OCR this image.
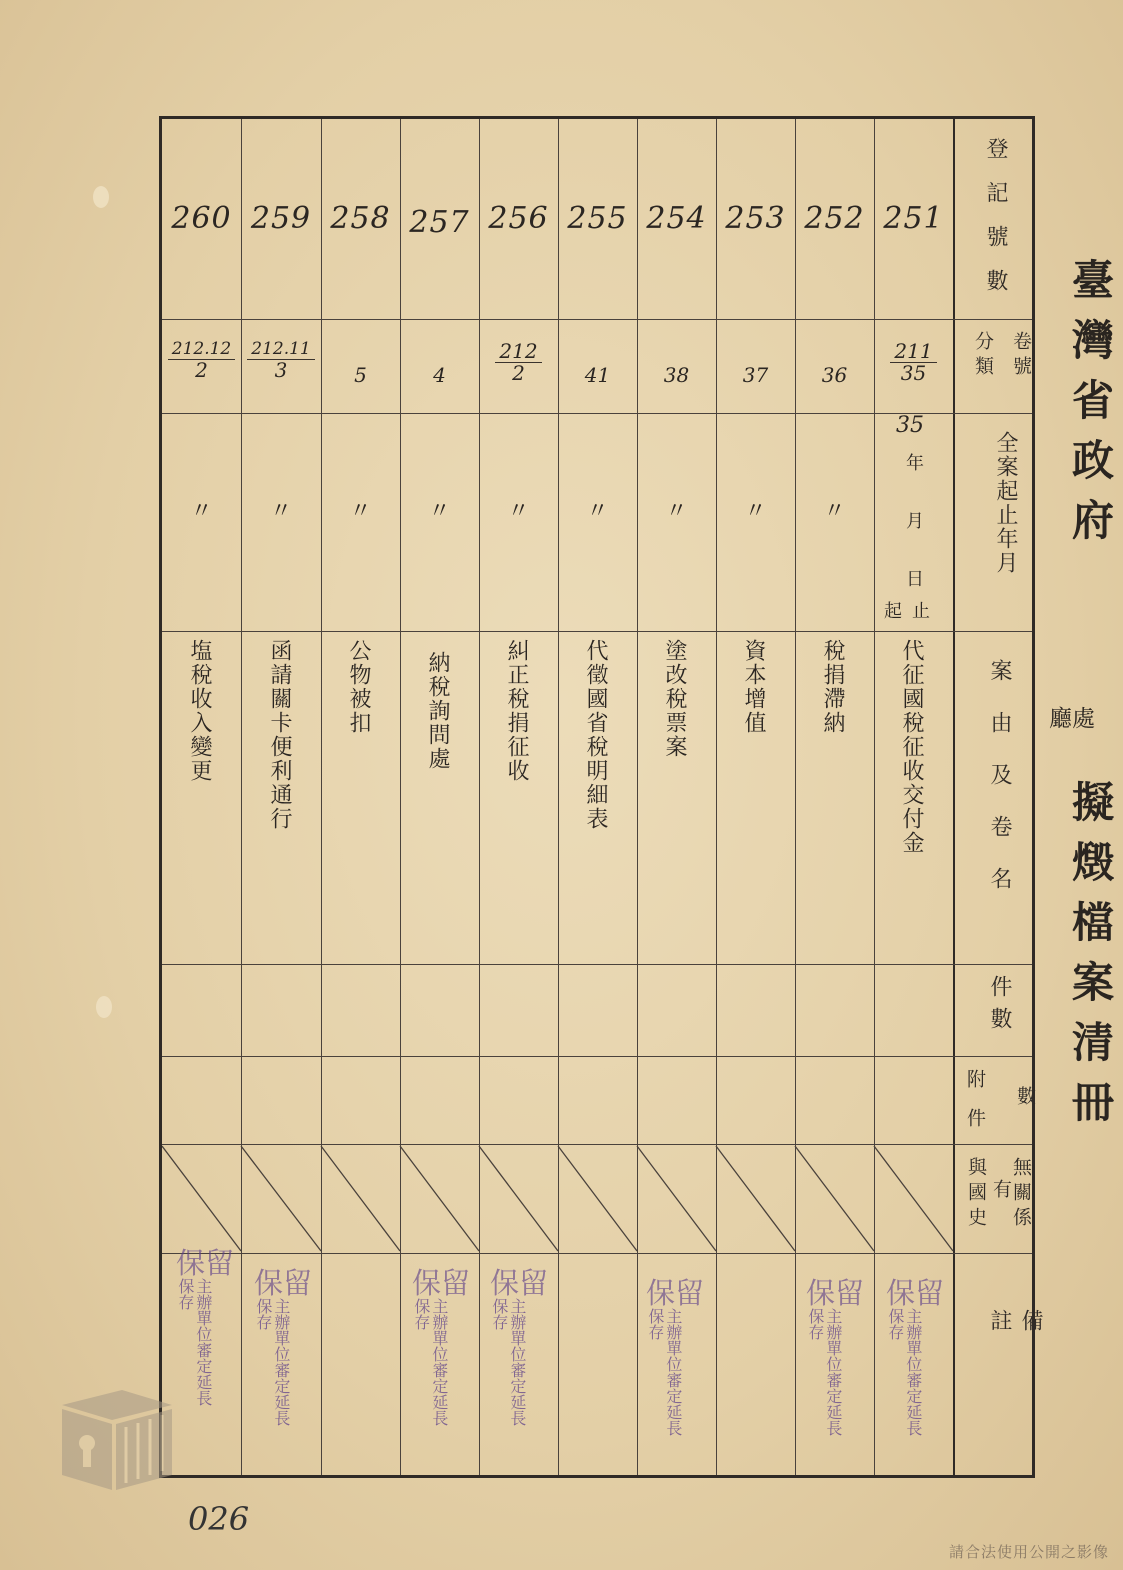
登記號數
卷號
分類
全案起止年月
案由及卷名
件數
數
附件
無關係
有
與國史
備註
251
211
35
35
年
月
日
起止
代征國稅征收交付金
保留
主辦單位審定延長保存
252
36
〃
稅捐滯納
保留
主辦單位審定延長保存
253
37
〃
資本增值
254
38
〃
塗改稅票案
保留
主辦單位審定延長保存
255
41
〃
代徵國省稅明細表
256
212
2
〃
糾正稅捐征收
保留
主辦單位審定延長保存
257
4
〃
納稅詢問處
保留
主辦單位審定延長保存
258
5
〃
公物被扣
259
212.11
3
〃
函請關卡便利通行
保留
主辦單位審定延長保存
260
212.12
2
〃
塩稅收入變更
保留
主辦單位審定延長保存
臺灣省政府
廳處
擬燬檔案清冊
026
請合法使用公開之影像
